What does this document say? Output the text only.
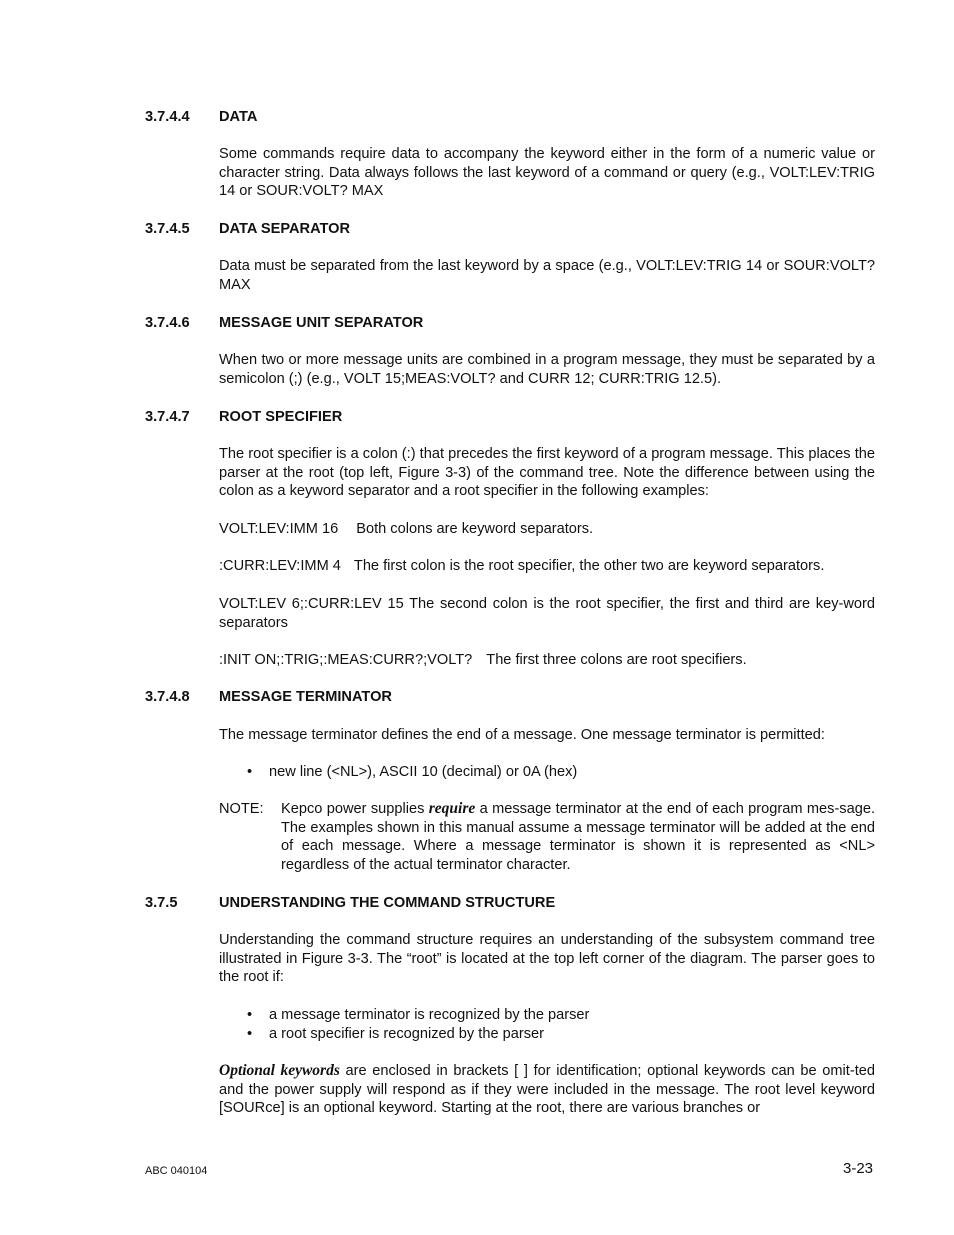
3.7.4.4 DATA
Some commands require data to accompany the keyword either in the form of a numeric value or character string. Data always follows the last keyword of a command or query (e.g., VOLT:LEV:TRIG 14 or SOUR:VOLT? MAX
3.7.4.5 DATA SEPARATOR
Data must be separated from the last keyword by a space (e.g., VOLT:LEV:TRIG 14 or SOUR:VOLT? MAX
3.7.4.6 MESSAGE UNIT SEPARATOR
When two or more message units are combined in a program message, they must be separated by a semicolon (;) (e.g., VOLT 15;MEAS:VOLT? and CURR 12; CURR:TRIG 12.5).
3.7.4.7 ROOT SPECIFIER
The root specifier is a colon (:) that precedes the first keyword of a program message. This places the parser at the root (top left, Figure 3-3) of the command tree. Note the difference between using the colon as a keyword separator and a root specifier in the following examples:
VOLT:LEV:IMM 16 Both colons are keyword separators.
:CURR:LEV:IMM 4 The first colon is the root specifier, the other two are keyword separators.
VOLT:LEV 6;:CURR:LEV 15 The second colon is the root specifier, the first and third are key-word separators
:INIT ON;:TRIG;:MEAS:CURR?;VOLT? The first three colons are root specifiers.
3.7.4.8 MESSAGE TERMINATOR
The message terminator defines the end of a message. One message terminator is permitted:
• new line (<NL>), ASCII 10 (decimal) or 0A (hex)
NOTE: Kepco power supplies require a message terminator at the end of each program mes-sage. The examples shown in this manual assume a message terminator will be added at the end of each message. Where a message terminator is shown it is represented as <NL> regardless of the actual terminator character.
3.7.5	UNDERSTANDING THE COMMAND STRUCTURE
Understanding the command structure requires an understanding of the subsystem command tree illustrated in Figure 3-3. The “root” is located at the top left corner of the diagram. The parser goes to the root if:
• a message terminator is recognized by the parser
• a root specifier is recognized by the parser
Optional keywords are enclosed in brackets [ ] for identification; optional keywords can be omit-ted and the power supply will respond as if they were included in the message. The root level keyword [SOURce] is an optional keyword. Starting at the root, there are various branches or
ABC 040104	3-23
